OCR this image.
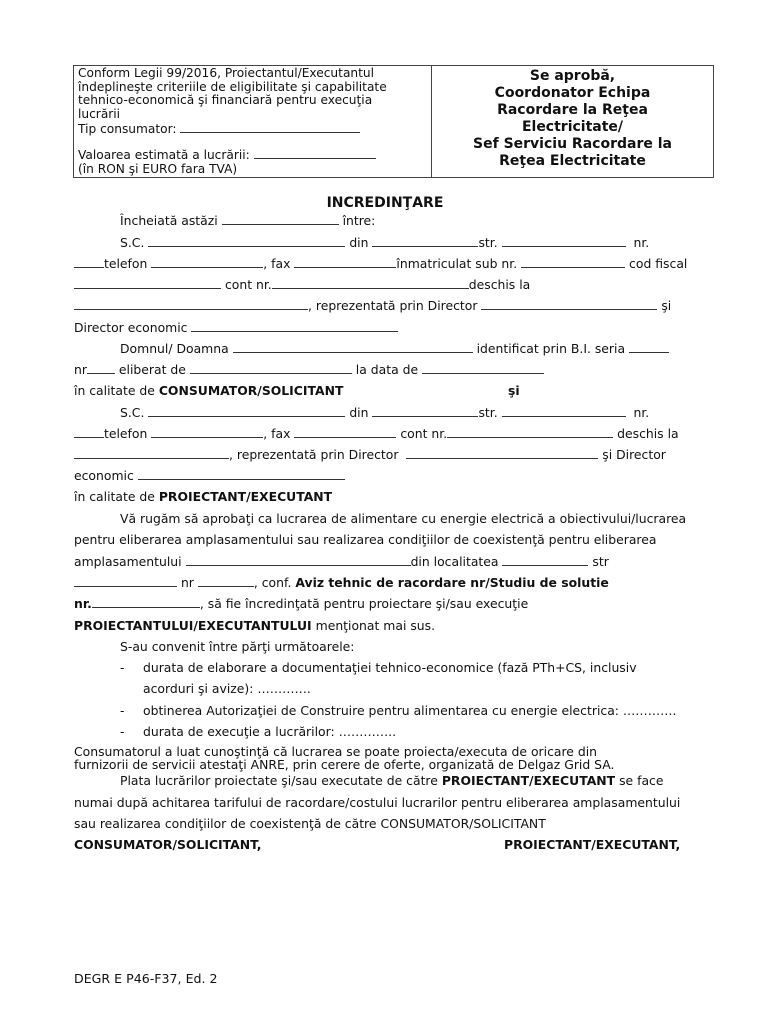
Conform Legii 99/2016, Proiectantul/Executantul
îndeplineşte criteriile de eligibilitate şi capabilitate
tehnico-economică şi financiară pentru execuţia
lucrării
Tip consumator:
Valoarea estimată a lucrării:
(în RON şi EURO fara TVA)
Se aprobă,
Coordonator Echipa
Racordare la Reţea
Electricitate/
Sef Serviciu Racordare la
Reţea Electricitate
INCREDINŢARE
Încheiată astăzi	între:
S.C.	din	str.	nr.
telefon	, fax	înmatriculat sub nr.	cod fiscal
cont nr.	deschis la
, reprezentată prin Director	şi
Director economic
Domnul/ Doamna	identificat prin B.I. seria
nr	eliberat de	la data de
în calitate de CONSUMATOR/SOLICITANT	şi
S.C.	din	str.	nr.
telefon	, fax	cont nr.	deschis la
, reprezentată prin Director	şi Director
economic
în calitate de PROIECTANT/EXECUTANT
Vă rugăm să aprobaţi ca lucrarea de alimentare cu energie electrică a obiectivului/lucrarea
pentru eliberarea amplasamentului sau realizarea condiţiilor de coexistenţă pentru eliberarea
amplasamentului	din localitatea	str
nr	, conf. Aviz tehnic de racordare nr/Studiu de solutie
nr.	, să fie încredinţată pentru proiectare şi/sau execuţie
PROIECTANTULUI/EXECUTANTULUI menţionat mai sus.
S-au convenit între părţi următoarele:
- durata de elaborare a documentaţiei tehnico-economice (fază PTh+CS, inclusiv
acorduri şi avize): ………….
- obtinerea Autorizaţiei de Construire pentru alimentarea cu energie electrica: ………….
- durata de execuţie a lucrărilor: …………..
Consumatorul a luat cunoştinţă că lucrarea se poate proiecta/executa de oricare din
furnizorii de servicii atestaţi ANRE, prin cerere de oferte, organizată de Delgaz Grid SA.
Plata lucrărilor proiectate şi/sau executate de către PROIECTANT/EXECUTANT se face
numai după achitarea tarifului de racordare/costului lucrarilor pentru eliberarea amplasamentului
sau realizarea condiţiilor de coexistenţă de către CONSUMATOR/SOLICITANT
CONSUMATOR/SOLICITANT,	PROIECTANT/EXECUTANT,
DEGR E P46-F37, Ed. 2
